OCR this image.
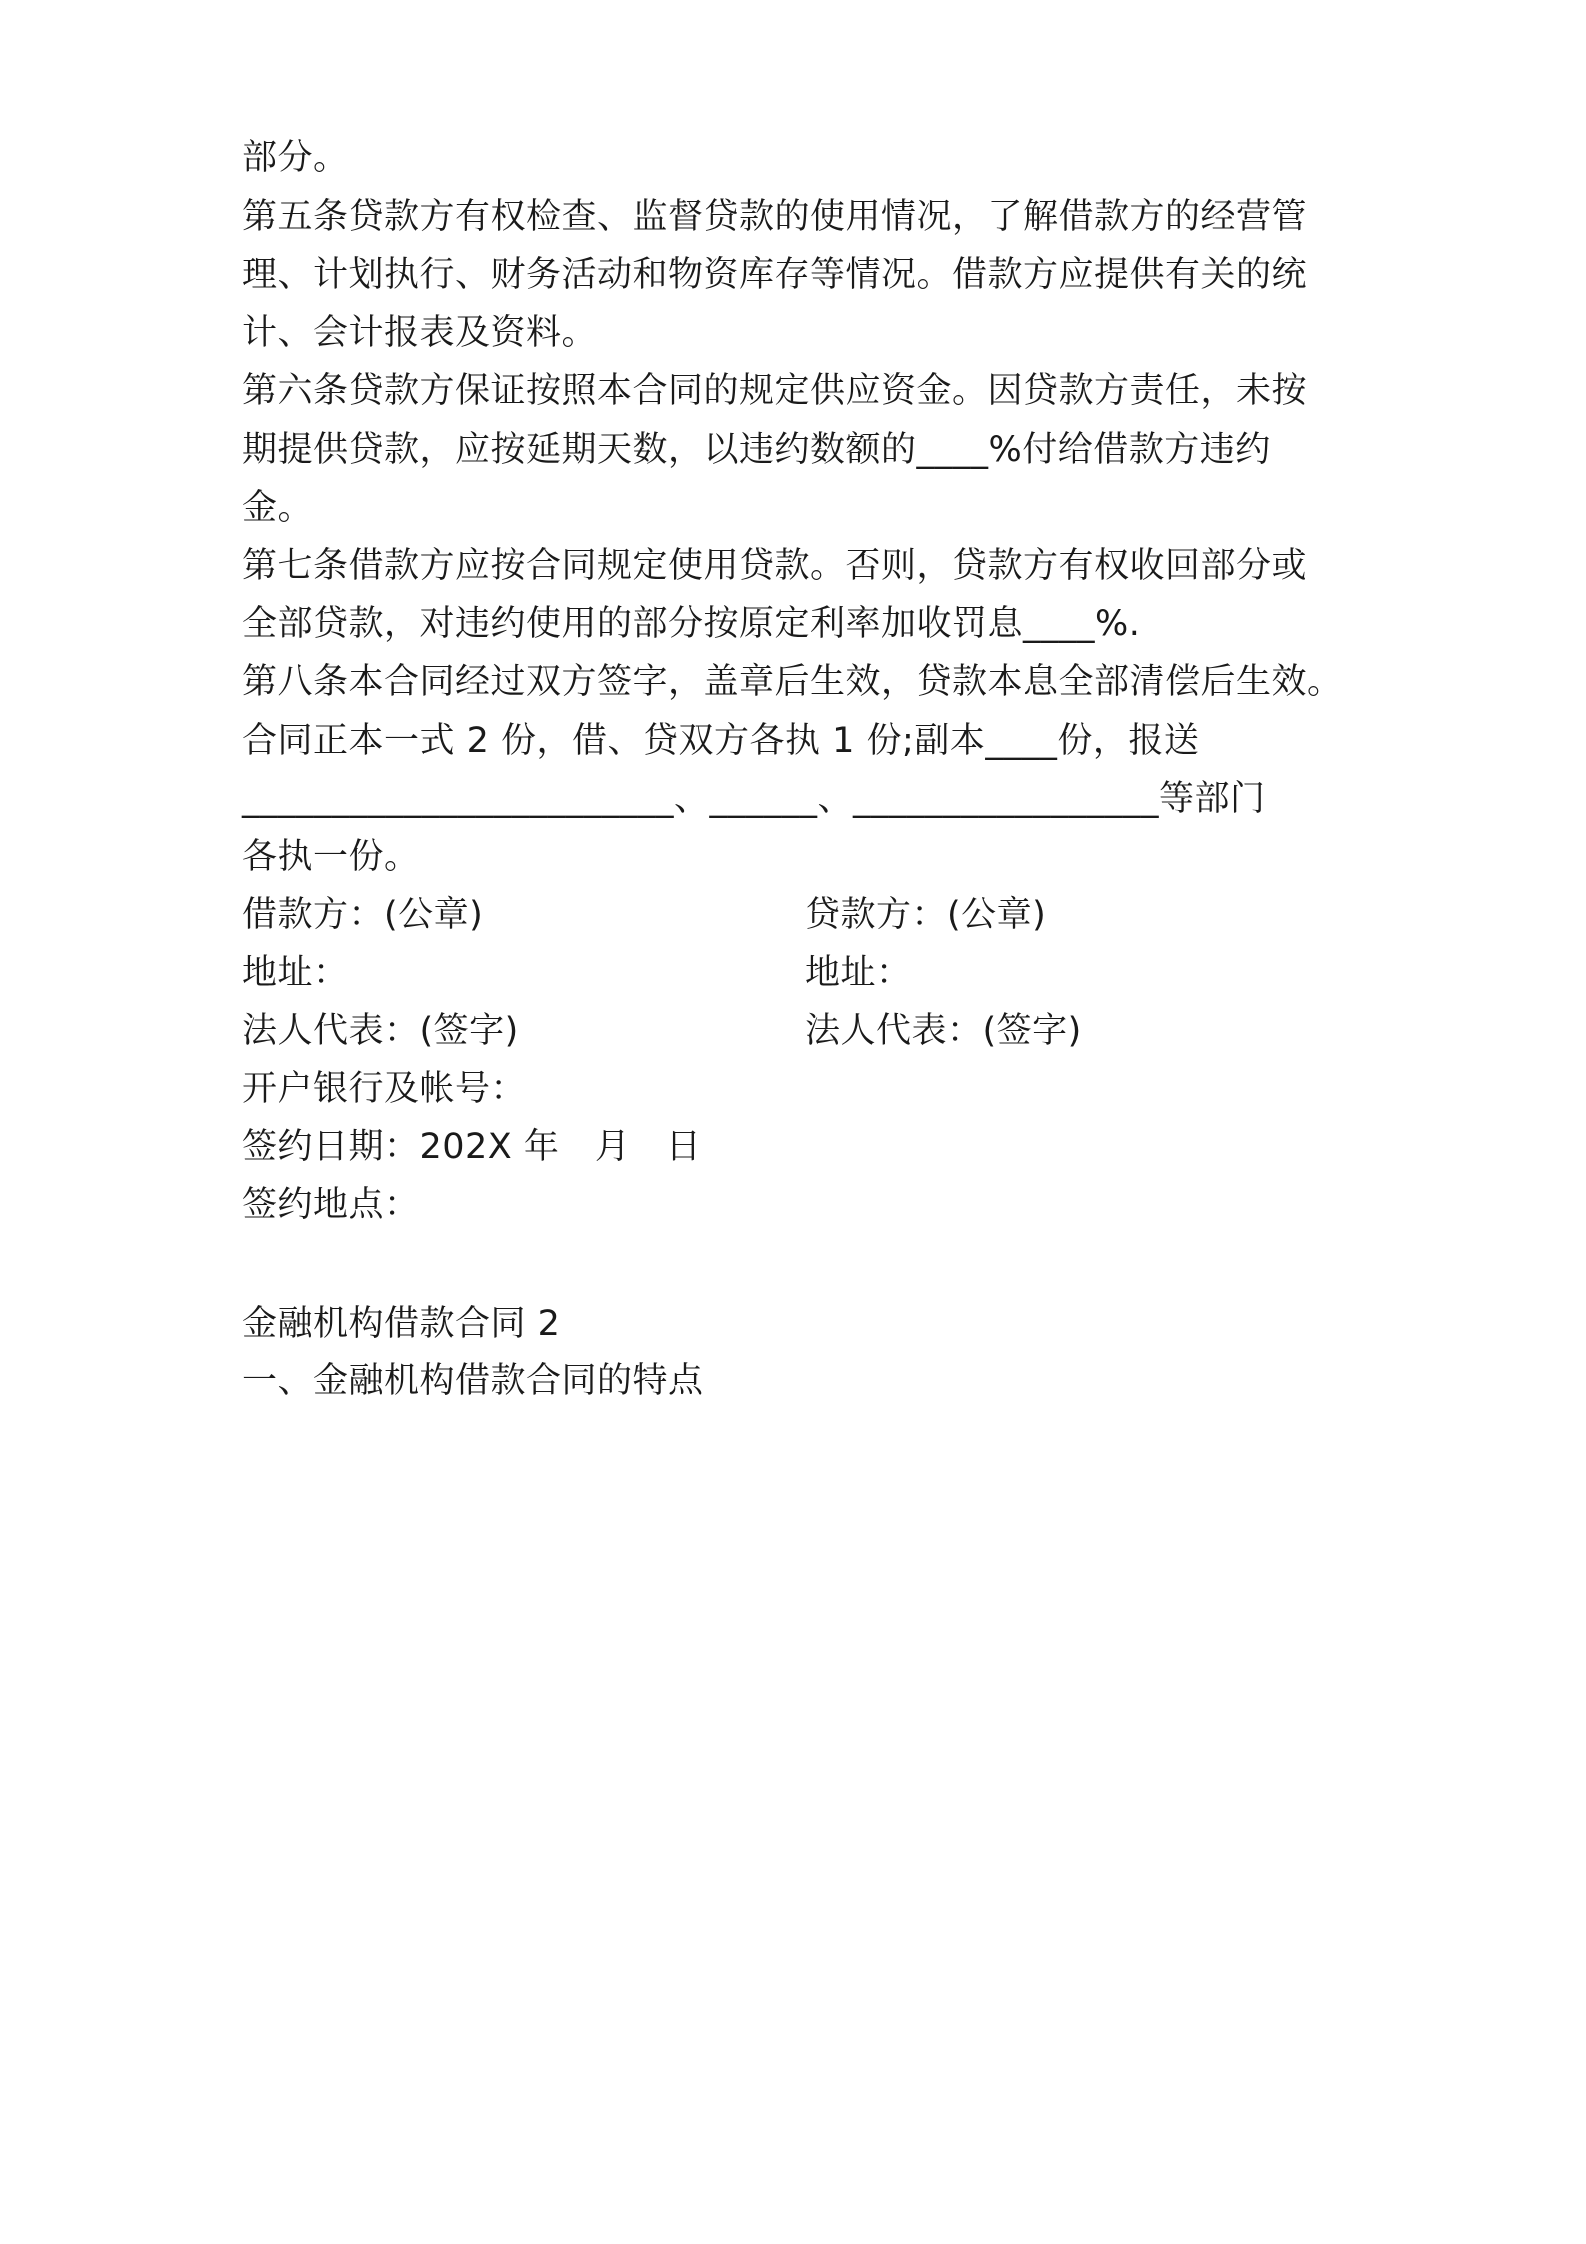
部分。
第五条贷款方有权检查、监督贷款的使用情况，了解借款方的经营管
理、计划执行、财务活动和物资库存等情况。借款方应提供有关的统
计、会计报表及资料。
第六条贷款方保证按照本合同的规定供应资金。因贷款方责任，未按
期提供贷款，应按延期天数，以违约数额的____%付给借款方违约
金。
第七条借款方应按合同规定使用贷款。否则，贷款方有权收回部分或
全部贷款，对违约使用的部分按原定利率加收罚息____%.
第八条本合同经过双方签字，盖章后生效，贷款本息全部清偿后生效。
合同正本一式 2 份，借、贷双方各执 1 份;副本____份，报送
________________________、______、_________________等部门
各执一份。
借款方：(公章)	贷款方：(公章)
地址：	地址：
法人代表：(签字)	法人代表：(签字)
开户银行及帐号：
签约日期：202X 年　月　日
签约地点：
金融机构借款合同 2
一、金融机构借款合同的特点
